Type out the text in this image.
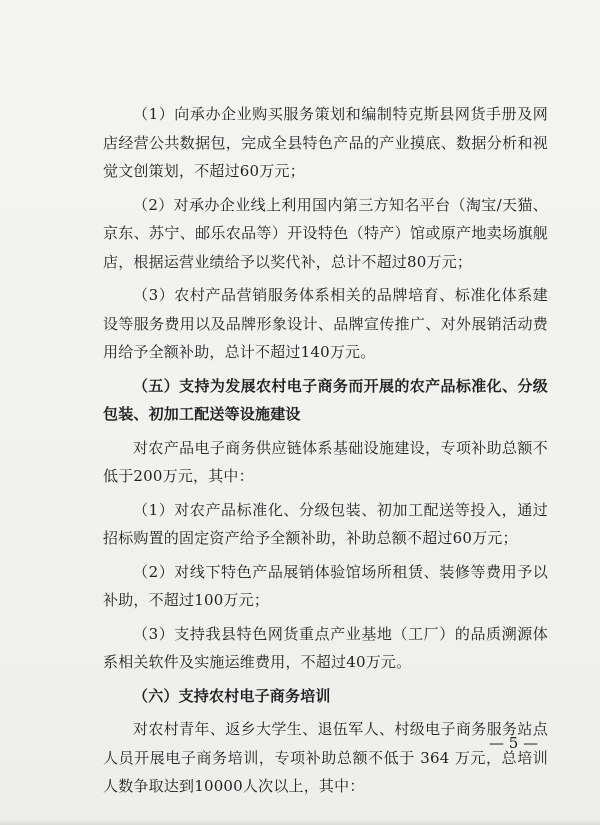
（1）向承办企业购买服务策划和编制特克斯县网货手册及网店经营公共数据包，完成全县特色产品的产业摸底、数据分析和视觉文创策划，不超过60万元；

（2）对承办企业线上利用国内第三方知名平台（淘宝/天猫、京东、苏宁、邮乐农品等）开设特色（特产）馆或原产地卖场旗舰店，根据运营业绩给予以奖代补，总计不超过80万元；

（3）农村产品营销服务体系相关的品牌培育、标准化体系建设等服务费用以及品牌形象设计、品牌宣传推广、对外展销活动费用给予全额补助，总计不超过140万元。

（五）支持为发展农村电子商务而开展的农产品标准化、分级包装、初加工配送等设施建设

对农产品电子商务供应链体系基础设施建设，专项补助总额不低于200万元，其中：

（1）对农产品标准化、分级包装、初加工配送等投入，通过招标购置的固定资产给予全额补助，补助总额不超过60万元；

（2）对线下特色产品展销体验馆场所租赁、装修等费用予以补助，不超过100万元；

（3）支持我县特色网货重点产业基地（工厂）的品质溯源体系相关软件及实施运维费用，不超过40万元。

（六）支持农村电子商务培训

对农村青年、返乡大学生、退伍军人、村级电子商务服务站点人员开展电子商务培训，专项补助总额不低于 364 万元，总培训人数争取达到10000人次以上，其中：

— 5 —
